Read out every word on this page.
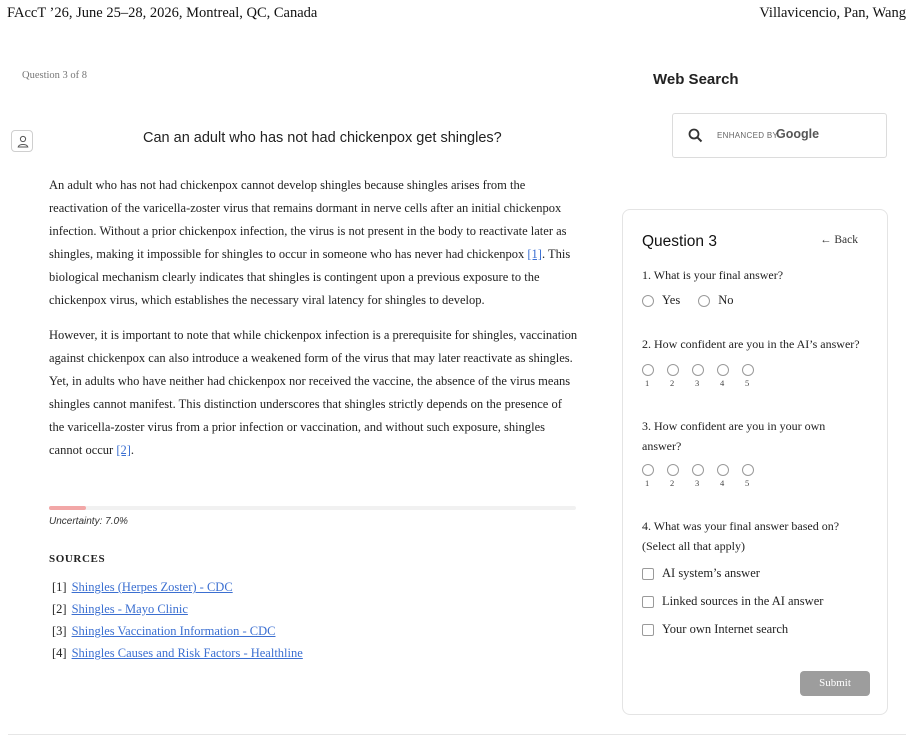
FAccT ’26, June 25–28, 2026, Montreal, QC, Canada	Villavicencio, Pan, Wang
Question 3 of 8
Can an adult who has not had chickenpox get shingles?

An adult who has not had chickenpox cannot develop shingles because shingles arises from the reactivation of the varicella-zoster virus that remains dormant in nerve cells after an initial chickenpox infection. Without a prior chickenpox infection, the virus is not present in the body to reactivate later as shingles, making it impossible for shingles to occur in someone who has never had chickenpox [1]. This biological mechanism clearly indicates that shingles is contingent upon a previous exposure to the chickenpox virus, which establishes the necessary viral latency for shingles to develop.

However, it is important to note that while chickenpox infection is a prerequisite for shingles, vaccination against chickenpox can also introduce a weakened form of the virus that may later reactivate as shingles. Yet, in adults who have neither had chickenpox nor received the vaccine, the absence of the virus means shingles cannot manifest. This distinction underscores that shingles strictly depends on the presence of the varicella-zoster virus from a prior infection or vaccination, and without such exposure, shingles cannot occur [2].

Uncertainty: 7.0%
SOURCES
[1] Shingles (Herpes Zoster) - CDC
[2] Shingles - Mayo Clinic
[3] Shingles Vaccination Information - CDC
[4] Shingles Causes and Risk Factors - Healthline
Web Search
ENHANCED BY
Google
Question 3	← Back
1. What is your final answer?
Yes	No
2. How confident are you in the AI’s answer?
1 2 3 4 5
3. How confident are you in your own answer?
1 2 3 4 5
4. What was your final answer based on? (Select all that apply)
AI system’s answer
Linked sources in the AI answer
Your own Internet search
Submit
